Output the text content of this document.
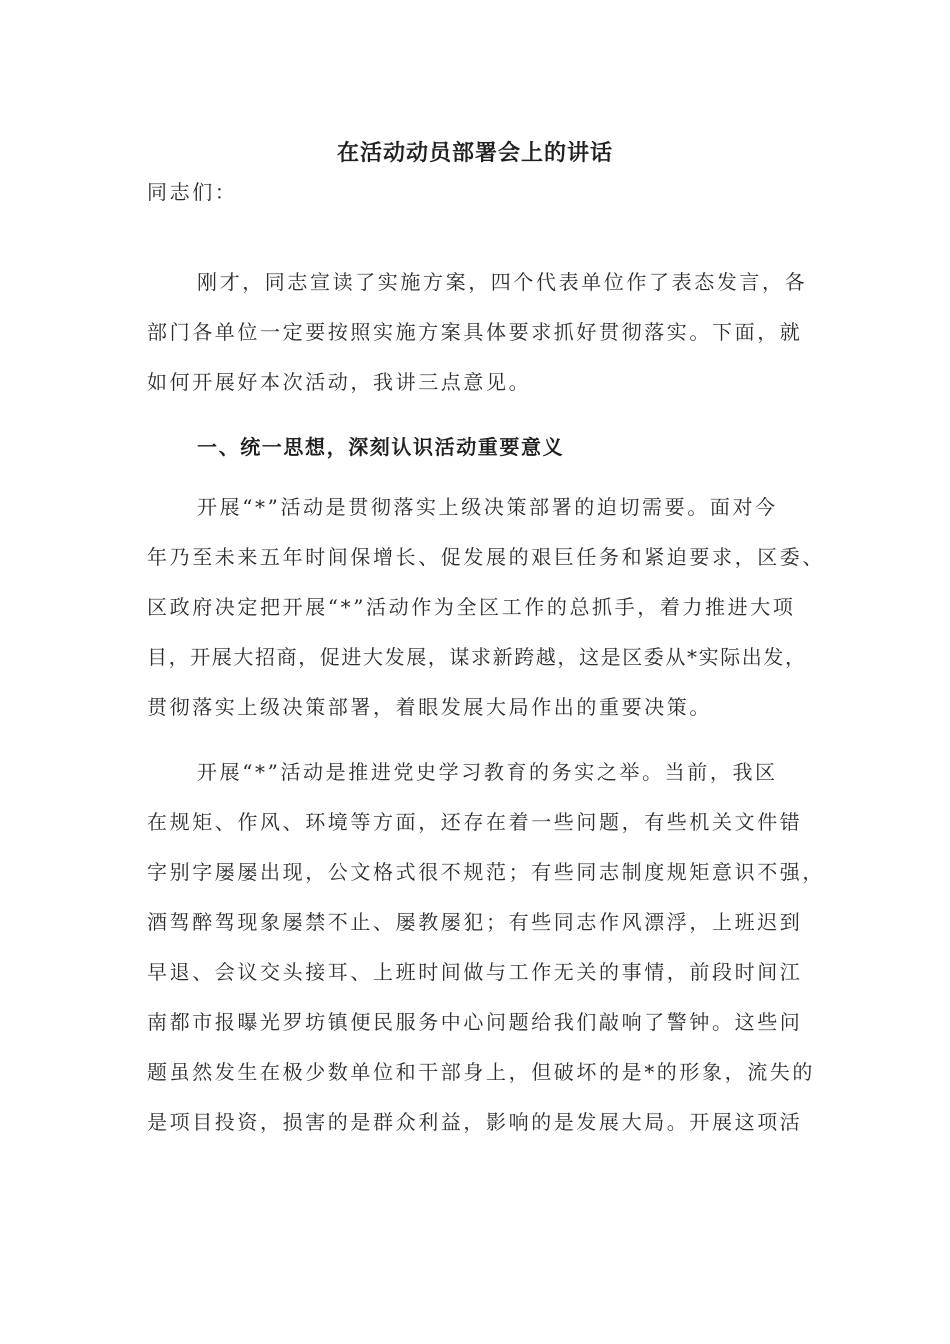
在活动动员部署会上的讲话
同志们：
刚才，同志宣读了实施方案，四个代表单位作了表态发言，各
部门各单位一定要按照实施方案具体要求抓好贯彻落实。下面，就
如何开展好本次活动，我讲三点意见。
一、统一思想，深刻认识活动重要意义
开展“*”活动是贯彻落实上级决策部署的迫切需要。面对今
年乃至未来五年时间保增长、促发展的艰巨任务和紧迫要求，区委、
区政府决定把开展“*”活动作为全区工作的总抓手，着力推进大项
目，开展大招商，促进大发展，谋求新跨越，这是区委从*实际出发，
贯彻落实上级决策部署，着眼发展大局作出的重要决策。
开展“*”活动是推进党史学习教育的务实之举。当前，我区
在规矩、作风、环境等方面，还存在着一些问题，有些机关文件错
字别字屡屡出现，公文格式很不规范；有些同志制度规矩意识不强，
酒驾醉驾现象屡禁不止、屡教屡犯；有些同志作风漂浮，上班迟到
早退、会议交头接耳、上班时间做与工作无关的事情，前段时间江
南都市报曝光罗坊镇便民服务中心问题给我们敲响了警钟。这些问
题虽然发生在极少数单位和干部身上，但破坏的是*的形象，流失的
是项目投资，损害的是群众利益，影响的是发展大局。开展这项活
